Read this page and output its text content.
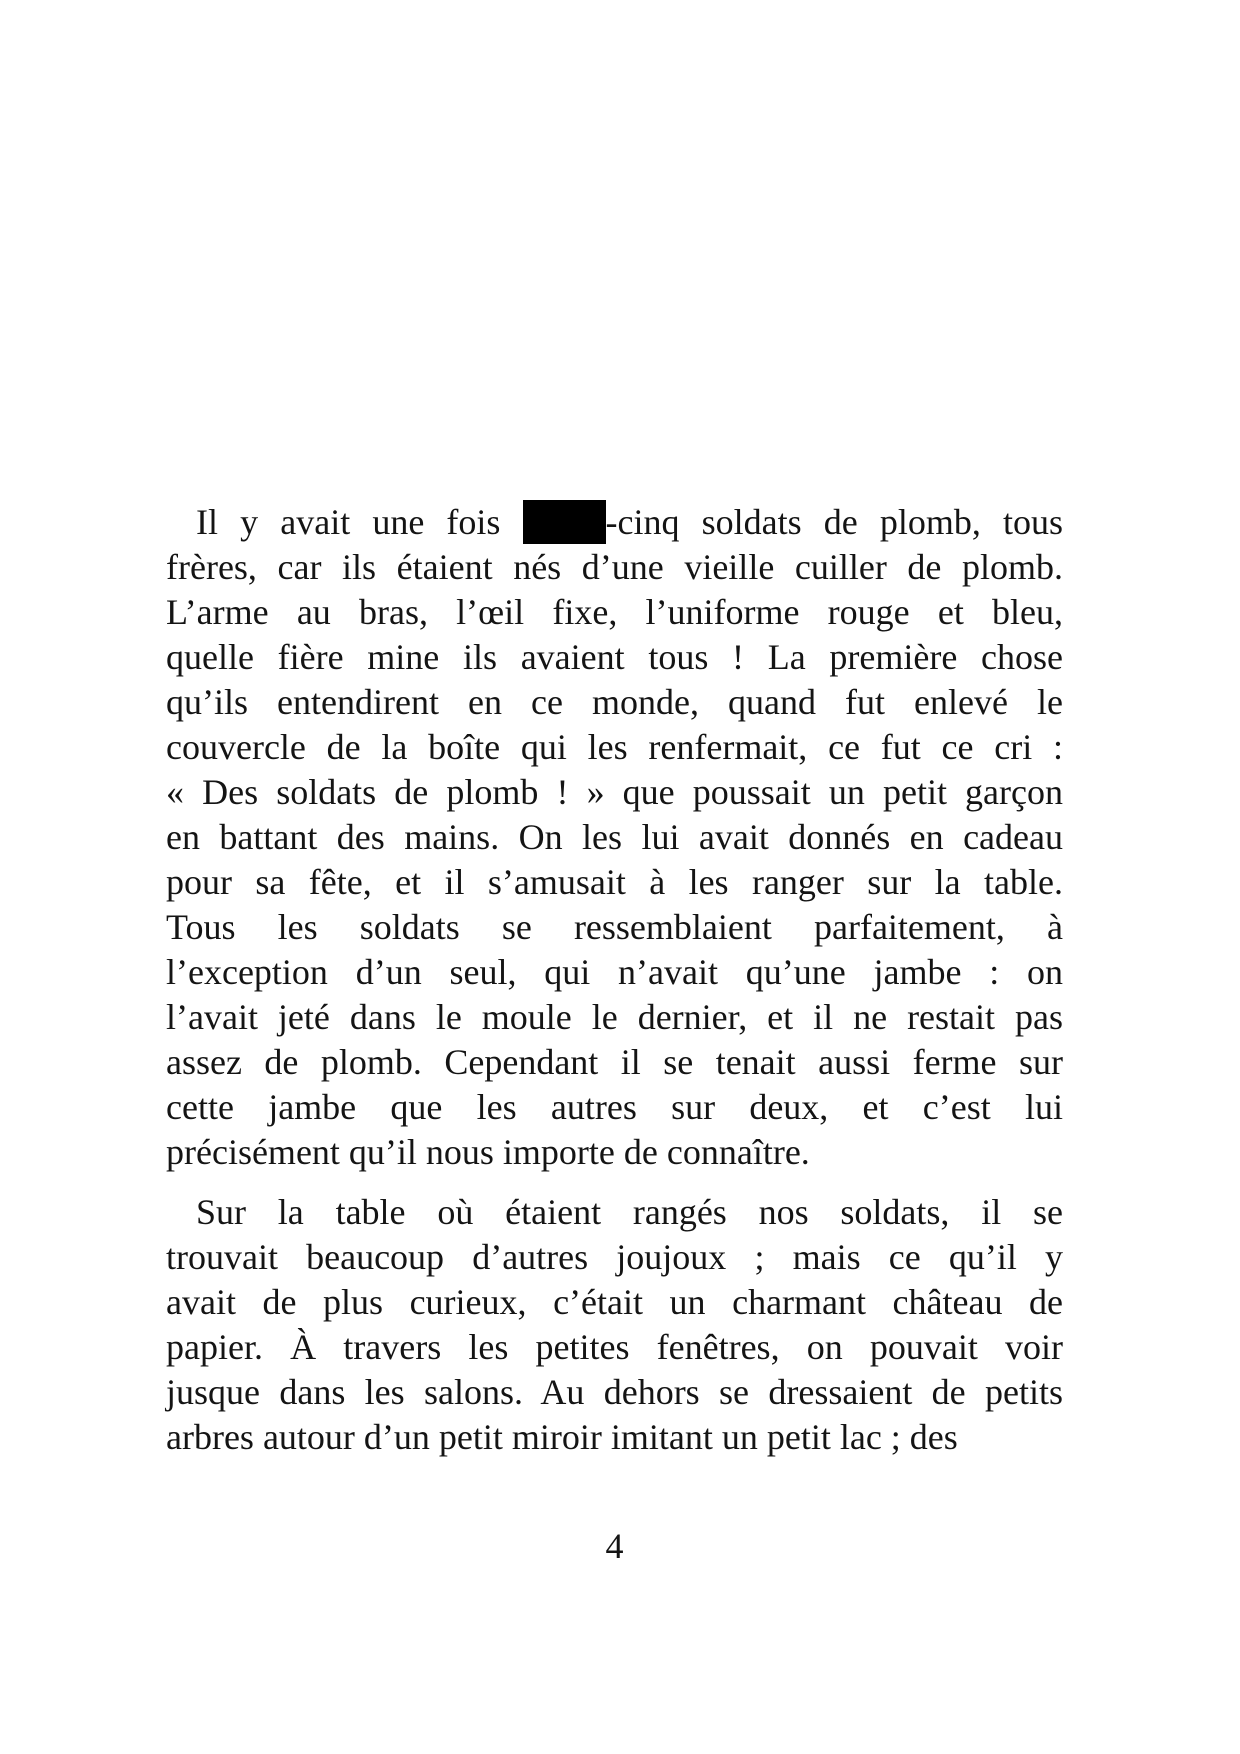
Il y avait une fois -cinq soldats de plomb, tous
frères, car ils étaient nés d’une vieille cuiller de plomb.
L’arme au bras, l’œil fixe, l’uniforme rouge et bleu,
quelle fière mine ils avaient tous ! La première chose
qu’ils entendirent en ce monde, quand fut enlevé le
couvercle de la boîte qui les renfermait, ce fut ce cri :
« Des soldats de plomb ! » que poussait un petit garçon
en battant des mains. On les lui avait donnés en cadeau
pour sa fête, et il s’amusait à les ranger sur la table.
Tous les soldats se ressemblaient parfaitement, à
l’exception d’un seul, qui n’avait qu’une jambe : on
l’avait jeté dans le moule le dernier, et il ne restait pas
assez de plomb. Cependant il se tenait aussi ferme sur
cette jambe que les autres sur deux, et c’est lui
précisément qu’il nous importe de connaître.
Sur la table où étaient rangés nos soldats, il se
trouvait beaucoup d’autres joujoux ; mais ce qu’il y
avait de plus curieux, c’était un charmant château de
papier. À travers les petites fenêtres, on pouvait voir
jusque dans les salons. Au dehors se dressaient de petits
arbres autour d’un petit miroir imitant un petit lac ; des
4
